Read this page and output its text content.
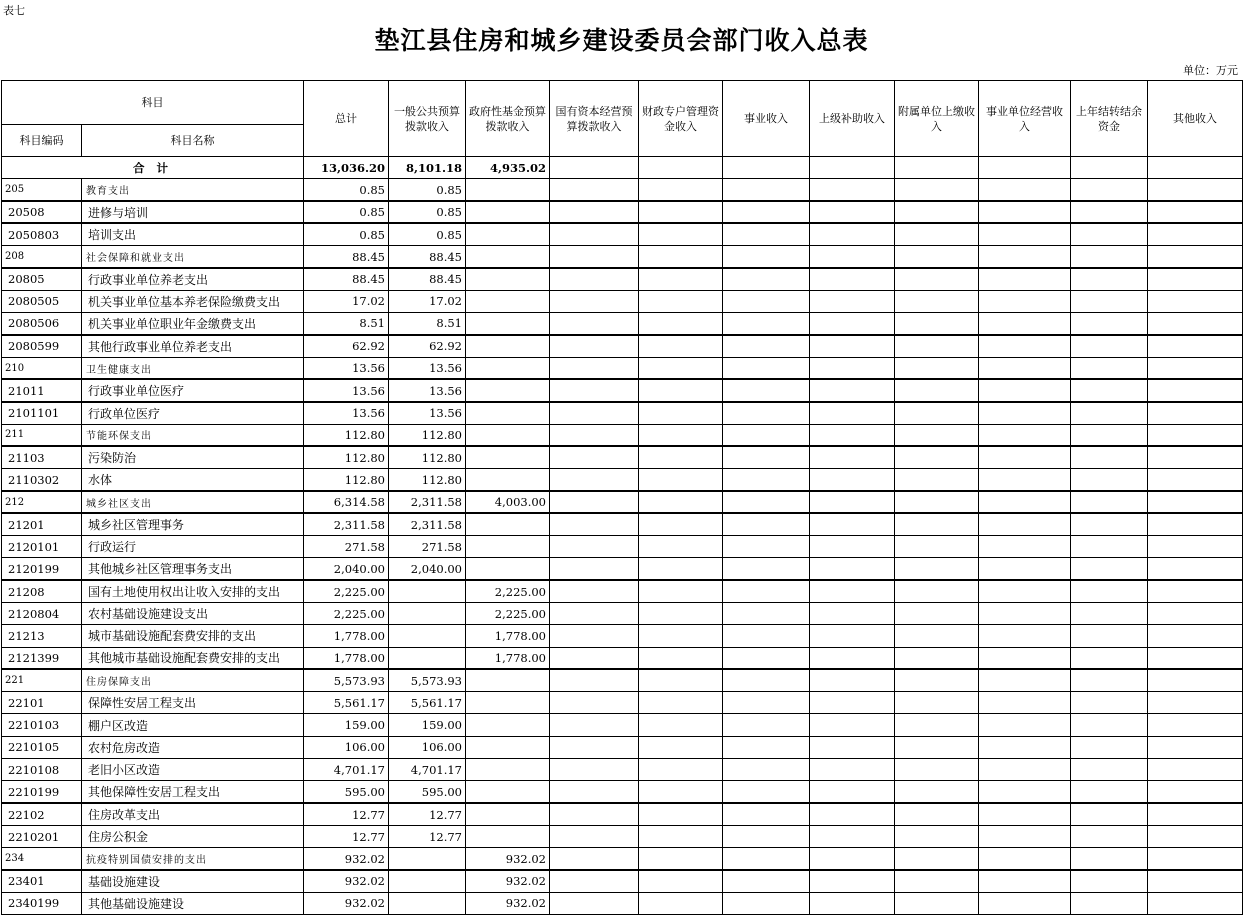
表七
垫江县住房和城乡建设委员会部门收入总表
单位：万元
科目		总计	一般公共预算拨款收入	政府性基金预算拨款收入	国有资本经营预算拨款收入	财政专户管理资金收入	事业收入	上级补助收入	附属单位上缴收入	事业单位经营收入	上年结转结余资金	其他收入
科目编码	科目名称											
合 计		13,036.20	8,101.18	4,935.02								
205	教育支出	0.85	0.85									
20508	进修与培训	0.85	0.85									
2050803	培训支出	0.85	0.85									
208	社会保障和就业支出	88.45	88.45									
20805	行政事业单位养老支出	88.45	88.45									
2080505	机关事业单位基本养老保险缴费支出	17.02	17.02									
2080506	机关事业单位职业年金缴费支出	8.51	8.51									
2080599	其他行政事业单位养老支出	62.92	62.92									
210	卫生健康支出	13.56	13.56									
21011	行政事业单位医疗	13.56	13.56									
2101101	行政单位医疗	13.56	13.56									
211	节能环保支出	112.80	112.80									
21103	污染防治	112.80	112.80									
2110302	水体	112.80	112.80									
212	城乡社区支出	6,314.58	2,311.58	4,003.00								
21201	城乡社区管理事务	2,311.58	2,311.58									
2120101	行政运行	271.58	271.58									
2120199	其他城乡社区管理事务支出	2,040.00	2,040.00									
21208	国有土地使用权出让收入安排的支出	2,225.00		2,225.00								
2120804	农村基础设施建设支出	2,225.00		2,225.00								
21213	城市基础设施配套费安排的支出	1,778.00		1,778.00								
2121399	其他城市基础设施配套费安排的支出	1,778.00		1,778.00								
221	住房保障支出	5,573.93	5,573.93									
22101	保障性安居工程支出	5,561.17	5,561.17									
2210103	棚户区改造	159.00	159.00									
2210105	农村危房改造	106.00	106.00									
2210108	老旧小区改造	4,701.17	4,701.17									
2210199	其他保障性安居工程支出	595.00	595.00									
22102	住房改革支出	12.77	12.77									
2210201	住房公积金	12.77	12.77									
234	抗疫特别国债安排的支出	932.02		932.02								
23401	基础设施建设	932.02		932.02								
2340199	其他基础设施建设	932.02		932.02								
